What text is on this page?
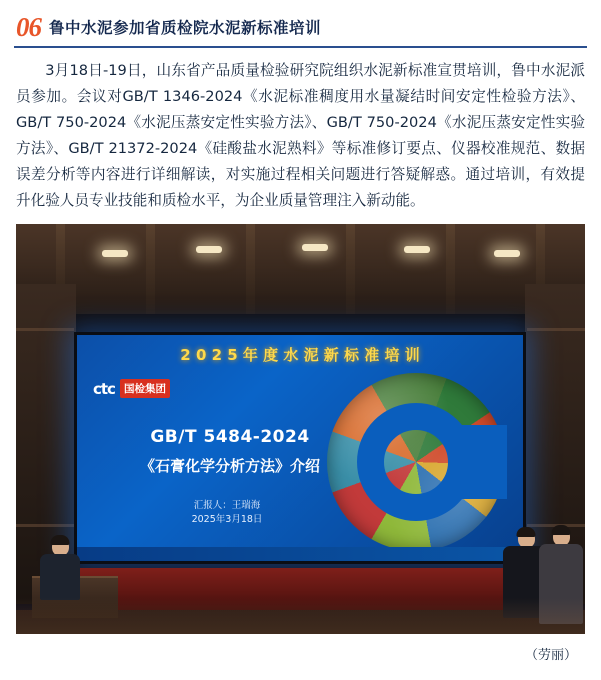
06 鲁中水泥参加省质检院水泥新标准培训
3月18日-19日，山东省产品质量检验研究院组织水泥新标准宣贯培训，鲁中水泥派员参加。会议对GB/T 1346-2024《水泥标准稠度用水量凝结时间安定性检验方法》、GB/T 750-2024《水泥压蒸安定性实验方法》、GB/T 750-2024《水泥压蒸安定性实验方法》、GB/T 21372-2024《硅酸盐水泥熟料》等标准修订要点、仪器校准规范、数据误差分析等内容进行详细解读，对实施过程相关问题进行答疑解惑。通过培训，有效提升化验人员专业技能和质检水平，为企业质量管理注入新动能。
2 0 2 5 年 度 水 泥 新 标 准 培 训
ctc 国检集团
GB/T 5484-2024
《石膏化学分析方法》介绍
汇报人：王瑞海
2025年3月18日
（劳丽）
